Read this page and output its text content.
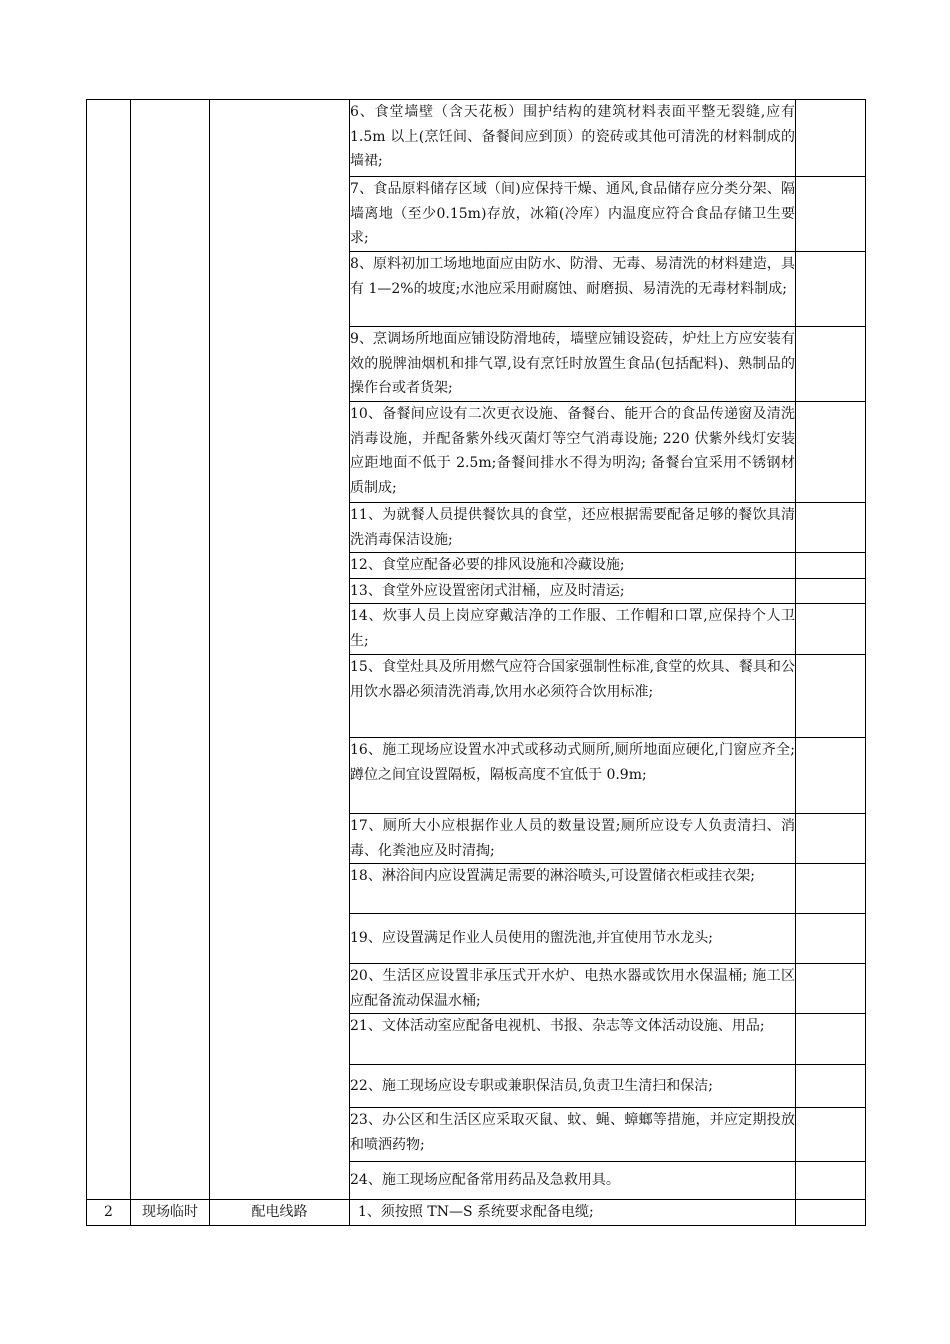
			6、食堂墙壁（含天花板）围护结构的建筑材料表面平整无裂缝,应有 1.5m 以上(烹饪间、备餐间应到顶）的瓷砖或其他可清洗的材料制成的墙裙;	
			7、食品原料储存区域（间)应保持干燥、通风,食品储存应分类分架、隔墙离地（至少0.15m)存放，冰箱(冷库）内温度应符合食品存储卫生要求;	
			8、原料初加工场地地面应由防水、防滑、无毒、易清洗的材料建造，具有 1—2%的坡度;水池应采用耐腐蚀、耐磨损、易清洗的无毒材料制成;	
			9、烹调场所地面应铺设防滑地砖，墙壁应铺设瓷砖，炉灶上方应安装有效的脱牌油烟机和排气罩,设有烹饪时放置生食品(包括配料)、熟制品的操作台或者货架;	
			10、备餐间应设有二次更衣设施、备餐台、能开合的食品传递窗及清洗消毒设施，并配备紫外线灭菌灯等空气消毒设施; 220 伏紫外线灯安装应距地面不低于 2.5m;备餐间排水不得为明沟; 备餐台宜采用不锈钢材质制成;	
			11、为就餐人员提供餐饮具的食堂，还应根据需要配备足够的餐饮具清洗消毒保洁设施;	
			12、食堂应配备必要的排风设施和冷藏设施;	
			13、食堂外应设置密闭式泔桶，应及时清运;	
			14、炊事人员上岗应穿戴洁净的工作服、工作帽和口罩,应保持个人卫生;	
			15、食堂灶具及所用燃气应符合国家强制性标准,食堂的炊具、餐具和公用饮水器必须清洗消毒,饮用水必须符合饮用标准;	
			16、施工现场应设置水冲式或移动式厕所,厕所地面应硬化,门窗应齐全; 蹲位之间宜设置隔板，隔板高度不宜低于 0.9m;	
			17、厕所大小应根据作业人员的数量设置;厕所应设专人负责清扫、消毒、化粪池应及时清掏;	
			18、淋浴间内应设置满足需要的淋浴喷头,可设置储衣柜或挂衣架;	
			19、应设置满足作业人员使用的盥洗池,并宜使用节水龙头;	
			20、生活区应设置非承压式开水炉、电热水器或饮用水保温桶; 施工区应配备流动保温水桶;	
			21、文体活动室应配备电视机、书报、杂志等文体活动设施、用品;	
			22、施工现场应设专职或兼职保洁员,负责卫生清扫和保洁;	
			23、办公区和生活区应采取灭鼠、蚊、蝇、蟑螂等措施，并应定期投放和喷洒药物;	
			24、施工现场应配备常用药品及急救用具。	
2	现场临时	配电线路	1、须按照 TN—S 系统要求配备电缆;	
